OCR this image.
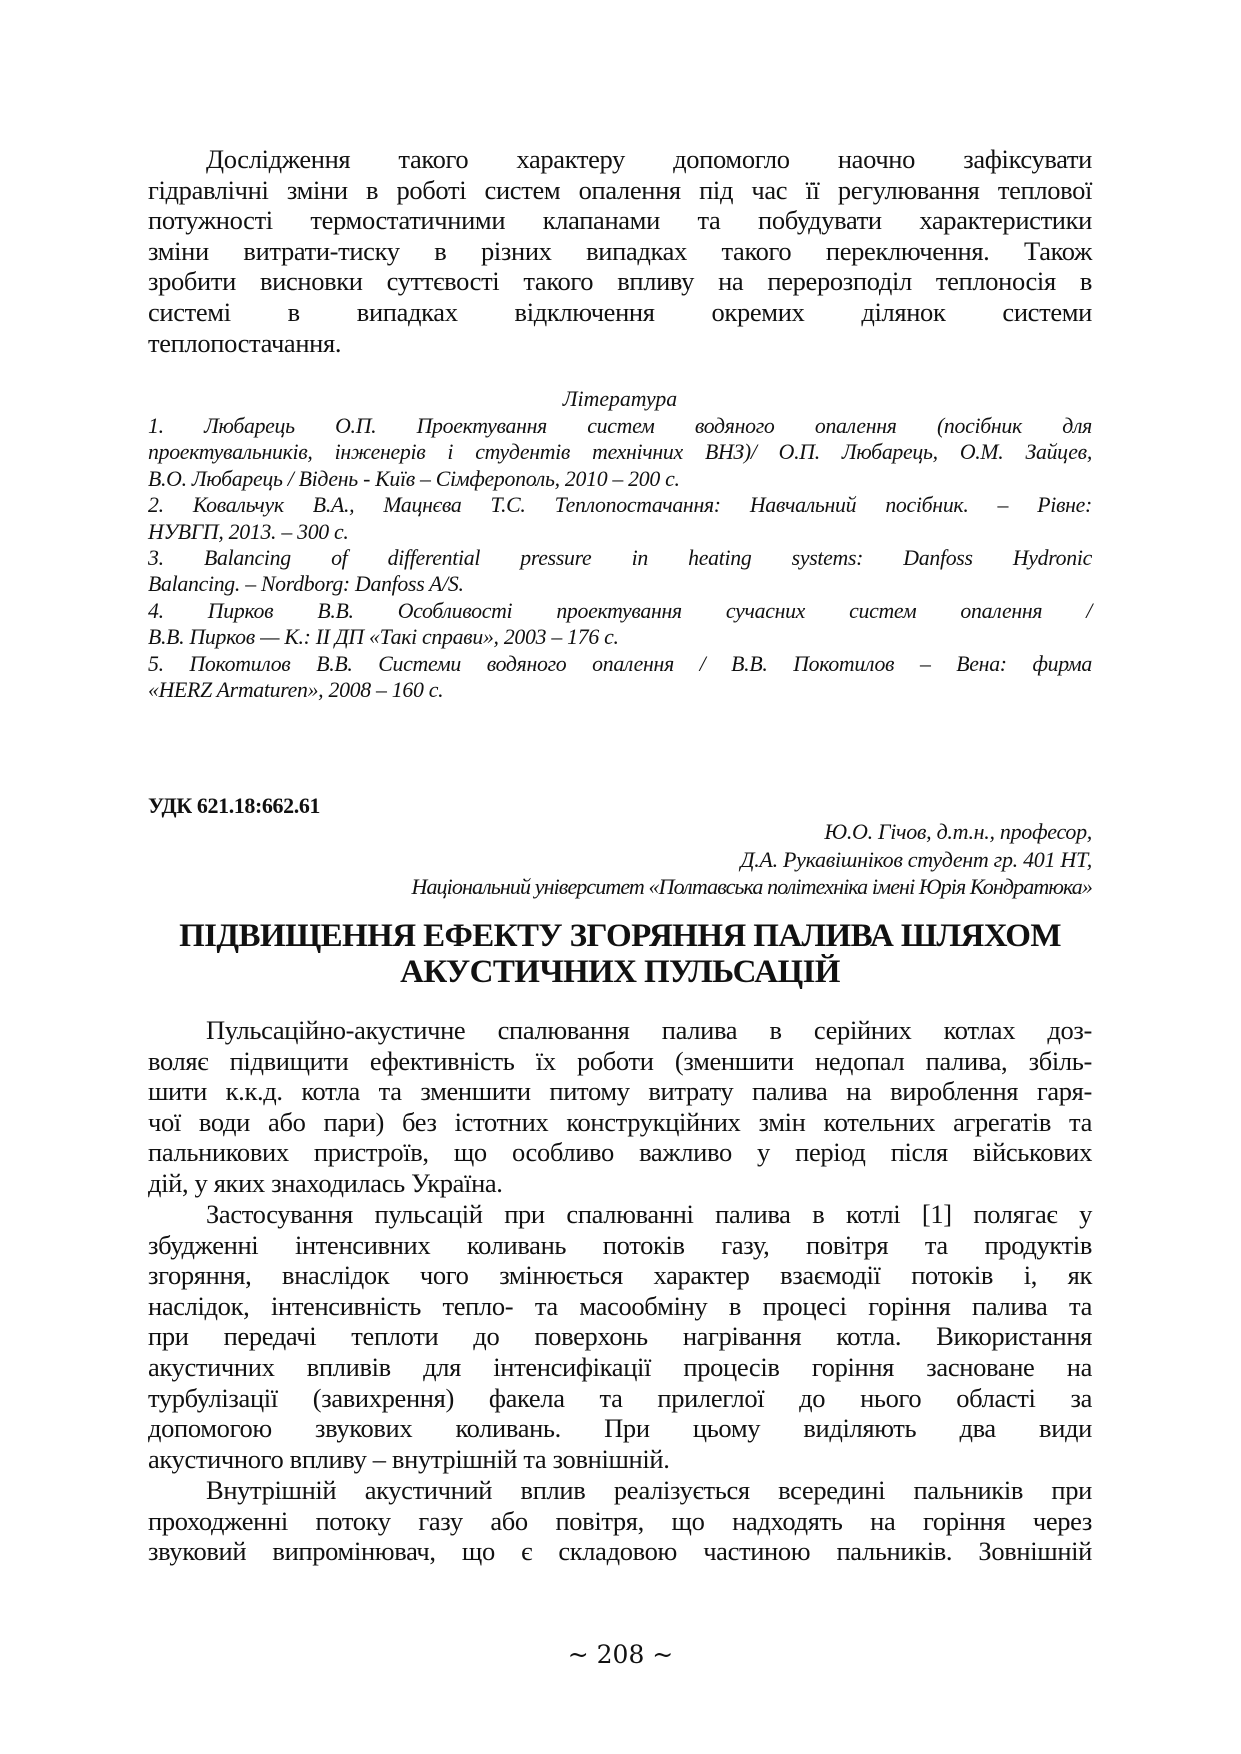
Дослідження такого характеру допомогло наочно зафіксувати
гідравлічні зміни в роботі систем опалення під час її регулювання теплової
потужності термостатичними клапанами та побудувати характеристики
зміни витрати-тиску в різних випадках такого переключення. Також
зробити висновки суттєвості такого впливу на перерозподіл теплоносія в
системі в випадках відключення окремих ділянок системи
теплопостачання.
Література
1. Любарець О.П. Проектування систем водяного опалення (посібник для
проектувальників, інженерів і студентів технічних ВНЗ)/ О.П. Любарець, О.М. Зайцев,
В.О. Любарець / Відень - Київ – Сімферополь, 2010 – 200 с.
2. Ковальчук В.А., Мацнєва Т.С. Теплопостачання: Навчальний посібник. – Рівне:
НУВГП, 2013. – 300 с.
3. Balancing of differential pressure in heating systems: Danfoss Hydronic
Balancing. – Nordborg: Danfoss A/S.
4. Пирков В.В. Особливості проектування сучасних систем опалення /
В.В. Пирков — К.: ІІ ДП «Такі справи», 2003 – 176 с.
5. Покотилов В.В. Системи водяного опалення / В.В. Покотилов – Вена: фирма
«HERZ Armaturen», 2008 – 160 с.
УДК 621.18:662.61
Ю.О. Гічов, д.т.н., професор,
Д.А. Рукавішніков студент гр. 401 НТ,
Національний університет «Полтавська політехніка імені Юрія Кондратюка»
ПІДВИЩЕННЯ ЕФЕКТУ ЗГОРЯННЯ ПАЛИВА ШЛЯХОМ
АКУСТИЧНИХ ПУЛЬСАЦІЙ
Пульсаційно-акустичне спалювання палива в серійних котлах доз-
воляє підвищити ефективність їх роботи (зменшити недопал палива, збіль-
шити к.к.д. котла та зменшити питому витрату палива на вироблення гаря-
чої води або пари) без істотних конструкційних змін котельних агрегатів та
пальникових пристроїв, що особливо важливо у період після військових
дій, у яких знаходилась Україна.
Застосування пульсацій при спалюванні палива в котлі [1] полягає у
збудженні інтенсивних коливань потоків газу, повітря та продуктів
згоряння, внаслідок чого змінюється характер взаємодії потоків і, як
наслідок, інтенсивність тепло- та масообміну в процесі горіння палива та
при передачі теплоти до поверхонь нагрівання котла. Використання
акустичних впливів для інтенсифікації процесів горіння засноване на
турбулізації (завихрення) факела та прилеглої до нього області за
допомогою звукових коливань. При цьому виділяють два види
акустичного впливу – внутрішній та зовнішній.
Внутрішній акустичний вплив реалізується всередині пальників при
проходженні потоку газу або повітря, що надходять на горіння через
звуковий випромінювач, що є складовою частиною пальників. Зовнішній
~ 208 ~
